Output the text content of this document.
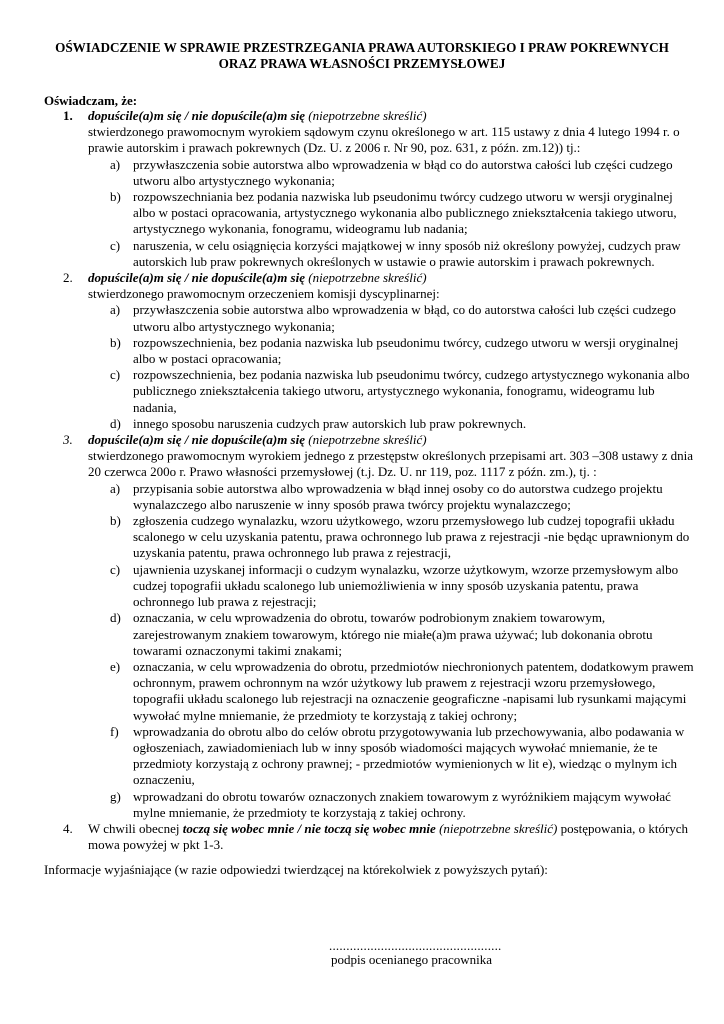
OŚWIADCZENIE W SPRAWIE PRZESTRZEGANIA PRAWA AUTORSKIEGO I PRAW POKREWNYCH
ORAZ PRAWA WŁASNOŚCI PRZEMYSŁOWEJ
Oświadczam, że:
1. dopuścile(a)m się / nie dopuścile(a)m się (niepotrzebne skreślić)
stwierdzonego prawomocnym wyrokiem sądowym czynu określonego w art. 115 ustawy z dnia 4 lutego 1994 r. o prawie autorskim i prawach pokrewnych (Dz. U. z 2006 r. Nr 90, poz. 631, z późn. zm.12)) tj.:
a) przywłaszczenia sobie autorstwa albo wprowadzenia w błąd co do autorstwa całości lub części cudzego utworu albo artystycznego wykonania;
b) rozpowszechniania bez podania nazwiska lub pseudonimu twórcy cudzego utworu w wersji oryginalnej albo w postaci opracowania, artystycznego wykonania albo publicznego zniekształcenia takiego utworu, artystycznego wykonania, fonogramu, wideogramu lub nadania;
c) naruszenia, w celu osiągnięcia korzyści majątkowej w inny sposób niż określony powyżej, cudzych praw autorskich lub praw pokrewnych określonych w ustawie o prawie autorskim i prawach pokrewnych.
2. dopuścile(a)m się / nie dopuścile(a)m się (niepotrzebne skreślić)
stwierdzonego prawomocnym orzeczeniem komisji dyscyplinarnej:
a) przywłaszczenia sobie autorstwa albo wprowadzenia w błąd, co do autorstwa całości lub części cudzego utworu albo artystycznego wykonania;
b) rozpowszechnienia, bez podania nazwiska lub pseudonimu twórcy, cudzego utworu w wersji oryginalnej albo w postaci opracowania;
c) rozpowszechnienia, bez podania nazwiska lub pseudonimu twórcy, cudzego artystycznego wykonania albo publicznego zniekształcenia takiego utworu, artystycznego wykonania, fonogramu, wideogramu lub nadania,
d) innego sposobu naruszenia cudzych praw autorskich lub praw pokrewnych.
3. dopuścile(a)m się / nie dopuścile(a)m się (niepotrzebne skreślić)
stwierdzonego prawomocnym wyrokiem jednego z przestępstw określonych przepisami art. 303 –308 ustawy z dnia 20 czerwca 200o r. Prawo własności przemysłowej (t.j. Dz. U. nr 119, poz. 1117 z późn. zm.), tj. :
a) przypisania sobie autorstwa albo wprowadzenia w błąd innej osoby co do autorstwa cudzego projektu wynalazczego albo naruszenie w inny sposób prawa twórcy projektu wynalazczego;
b) zgłoszenia cudzego wynalazku, wzoru użytkowego, wzoru przemysłowego lub cudzej topografii układu scalonego w celu uzyskania patentu, prawa ochronnego lub prawa z rejestracji -nie będąc uprawnionym do uzyskania patentu, prawa ochronnego lub prawa z rejestracji,
c) ujawnienia uzyskanej informacji o cudzym wynalazku, wzorze użytkowym, wzorze przemysłowym albo cudzej topografii układu scalonego lub uniemożliwienia w inny sposób uzyskania patentu, prawa ochronnego lub prawa z rejestracji;
d) oznaczania, w celu wprowadzenia do obrotu, towarów podrobionym znakiem towarowym, zarejestrowanym znakiem towarowym, którego nie miałe(a)m prawa używać; lub dokonania obrotu towarami oznaczonymi takimi znakami;
e) oznaczania, w celu wprowadzenia do obrotu, przedmiotów niechronionych patentem, dodatkowym prawem ochronnym, prawem ochronnym na wzór użytkowy lub prawem z rejestracji wzoru przemysłowego, topografii układu scalonego lub rejestracji na oznaczenie geograficzne -napisami lub rysunkami mającymi wywołać mylne mniemanie, że przedmioty te korzystają z takiej ochrony;
f) wprowadzania do obrotu albo do celów obrotu przygotowywania lub przechowywania, albo podawania w ogłoszeniach, zawiadomieniach lub w inny sposób wiadomości mających wywołać mniemanie, że te przedmioty korzystają z ochrony prawnej; - przedmiotów wymienionych w lit e), wiedząc o mylnym ich oznaczeniu,
g) wprowadzani do obrotu towarów oznaczonych znakiem towarowym z wyróżnikiem mającym wywołać mylne mniemanie, że przedmioty te korzystają z takiej ochrony.
4. W chwili obecnej toczą się wobec mnie / nie toczą się wobec mnie (niepotrzebne skreślić) postępowania, o których mowa powyżej w pkt 1-3.
Informacje wyjaśniające (w razie odpowiedzi twierdzącej na którekolwiek z powyższych pytań):
..................................................
podpis ocenianego pracownika
